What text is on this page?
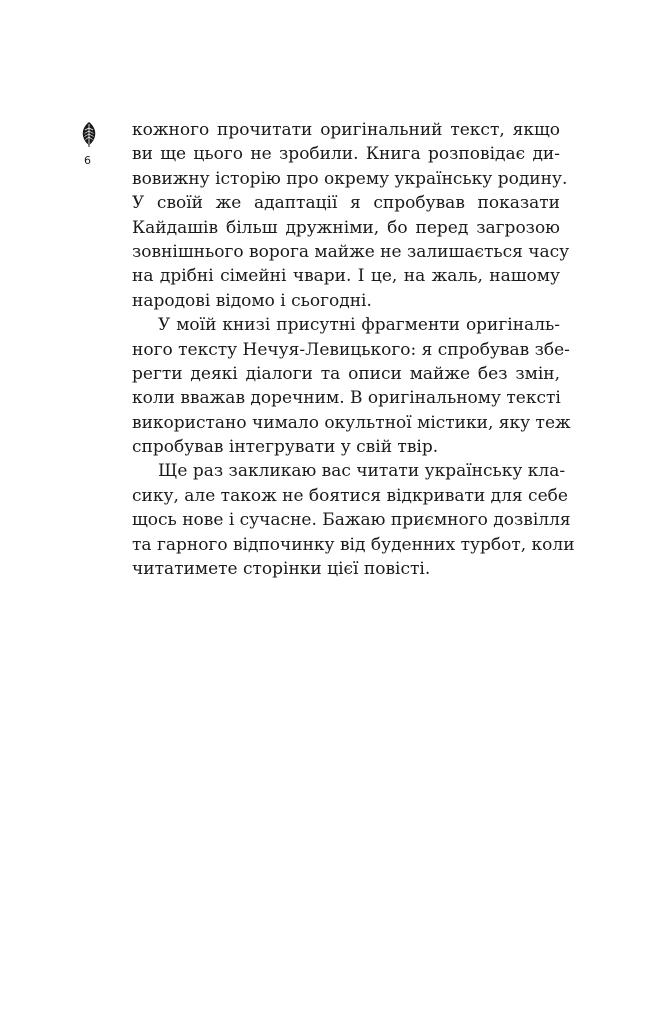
6
кожного прочитати оригінальний текст, якщо
ви ще цього не зробили. Книга розповідає ди-
вовижну історію про окрему українську родину.
У своїй же адаптації я спробував показати
Кайдашів більш дружніми, бо перед загрозою
зовнішнього ворога майже не залишається часу
на дрібні сімейні чвари. І це, на жаль, нашому
народові відомо і сьогодні.
У моїй книзі присутні фрагменти оригіналь-
ного тексту Нечуя-Левицького: я спробував збе-
регти деякі діалоги та описи майже без змін,
коли вважав доречним. В оригінальному тексті
використано чимало окультної містики, яку теж
спробував інтегрувати у свій твір.
Ще раз закликаю вас читати українську кла-
сику, але також не боятися відкривати для себе
щось нове і сучасне. Бажаю приємного дозвілля
та гарного відпочинку від буденних турбот, коли
читатимете сторінки цієї повісті.
